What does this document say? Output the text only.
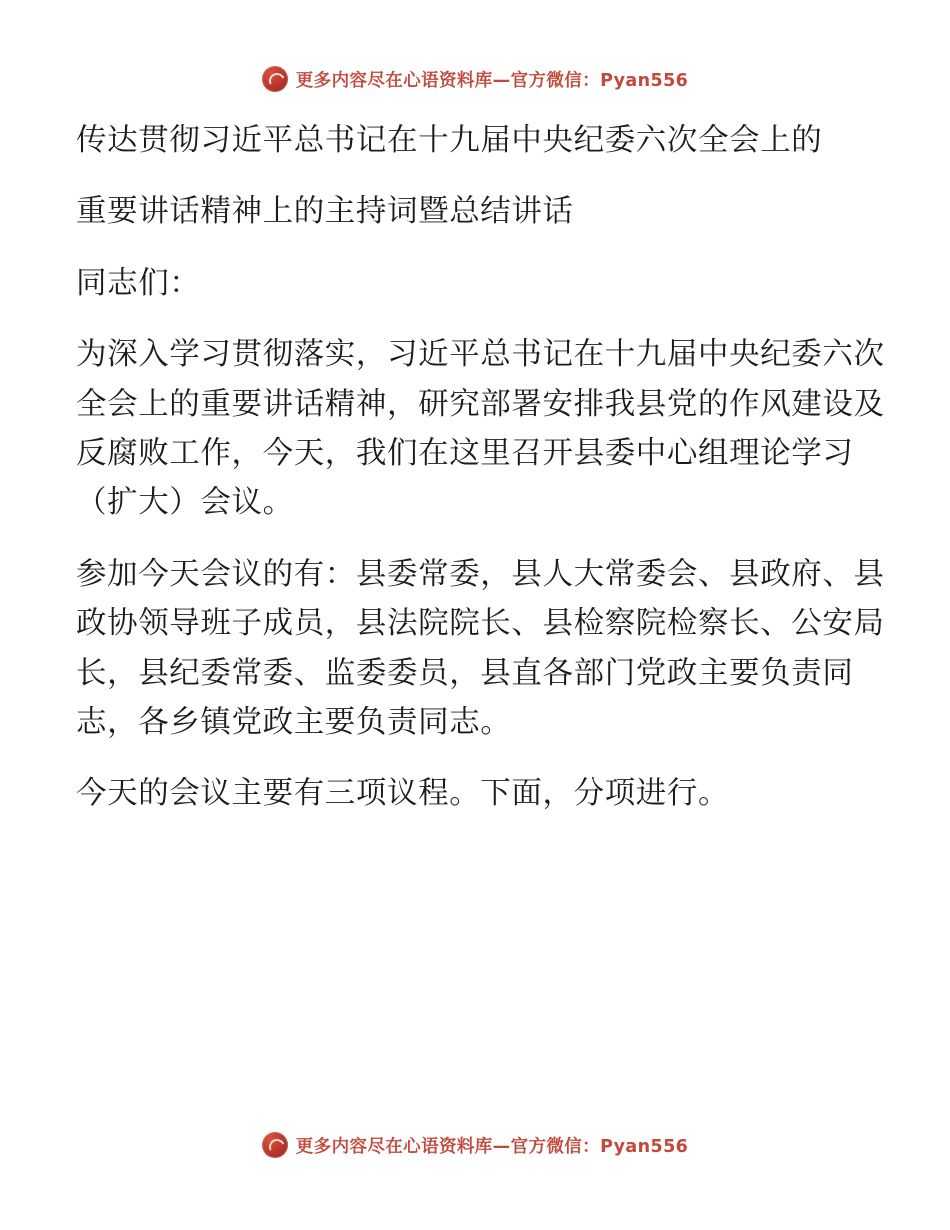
更多内容尽在心语资料库—官方微信：Pyan556

传达贯彻习近平总书记在十九届中央纪委六次全会上的

重要讲话精神上的主持词暨总结讲话

同志们：

为深入学习贯彻落实，习近平总书记在十九届中央纪委六次全会上的重要讲话精神，研究部署安排我县党的作风建设及反腐败工作，今天，我们在这里召开县委中心组理论学习（扩大）会议。

参加今天会议的有：县委常委，县人大常委会、县政府、县政协领导班子成员，县法院院长、县检察院检察长、公安局长，县纪委常委、监委委员，县直各部门党政主要负责同志，各乡镇党政主要负责同志。

今天的会议主要有三项议程。下面，分项进行。

更多内容尽在心语资料库—官方微信：Pyan556
